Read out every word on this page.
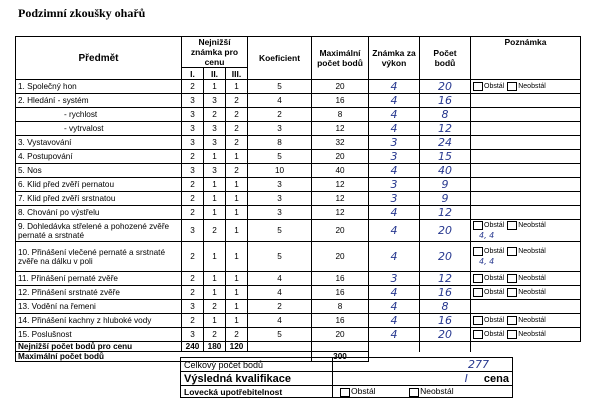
Podzimní zkoušky ohařů
Předmět	Nejnižší známka pro cenu			Koeficient	Maximální počet bodů	Známka za výkon	Počet bodů	Poznámka
	I.	II.	III.					
1. Společný hon	2	1	1	5	20	4	20	Obstál Neobstál
2. Hledání - systém	3	3	2	4	16	4	16	
- rychlost	3	2	2	2	8	4	8	
- vytrvalost	3	3	2	3	12	4	12	
3. Vystavování	3	3	2	8	32	3	24	
4. Postupování	2	1	1	5	20	3	15	
5. Nos	3	3	2	10	40	4	40	
6. Klid před zvěří pernatou	2	1	1	3	12	3	9	
7. Klid před zvěří srstnatou	2	1	1	3	12	3	9	
8. Chování po výstřelu	2	1	1	3	12	4	12	
9. Dohledávka střelené a pohozené zvěře pernaté a srstnaté	3	2	1	5	20	4	20	Obstál Neobstál
4, 4
10. Přinášení vlečené pernaté a srstnaté zvěře na dálku v poli	2	1	1	5	20	4	20	Obstál Neobstál
4, 4
11. Přinášení pernaté zvěře	2	1	1	4	16	3	12	Obstál Neobstál
12. Přinášení srstnaté zvěře	2	1	1	4	16	4	16	Obstál Neobstál
13. Vodění na řemeni	3	2	1	2	8	4	8	
14. Přinášení kachny z hluboké vody	2	1	1	4	16	4	16	Obstál Neobstál
15. Poslušnost	3	2	2	5	20	4	20	Obstál Neobstál
Nejnižší počet bodů pro cenu	240	180	120					
Maximální počet bodů					300			
Celkový počet bodů	277
Výsledná kvalifikace	I cena
Lovecká upotřebitelnost	Obstál Neobstál
